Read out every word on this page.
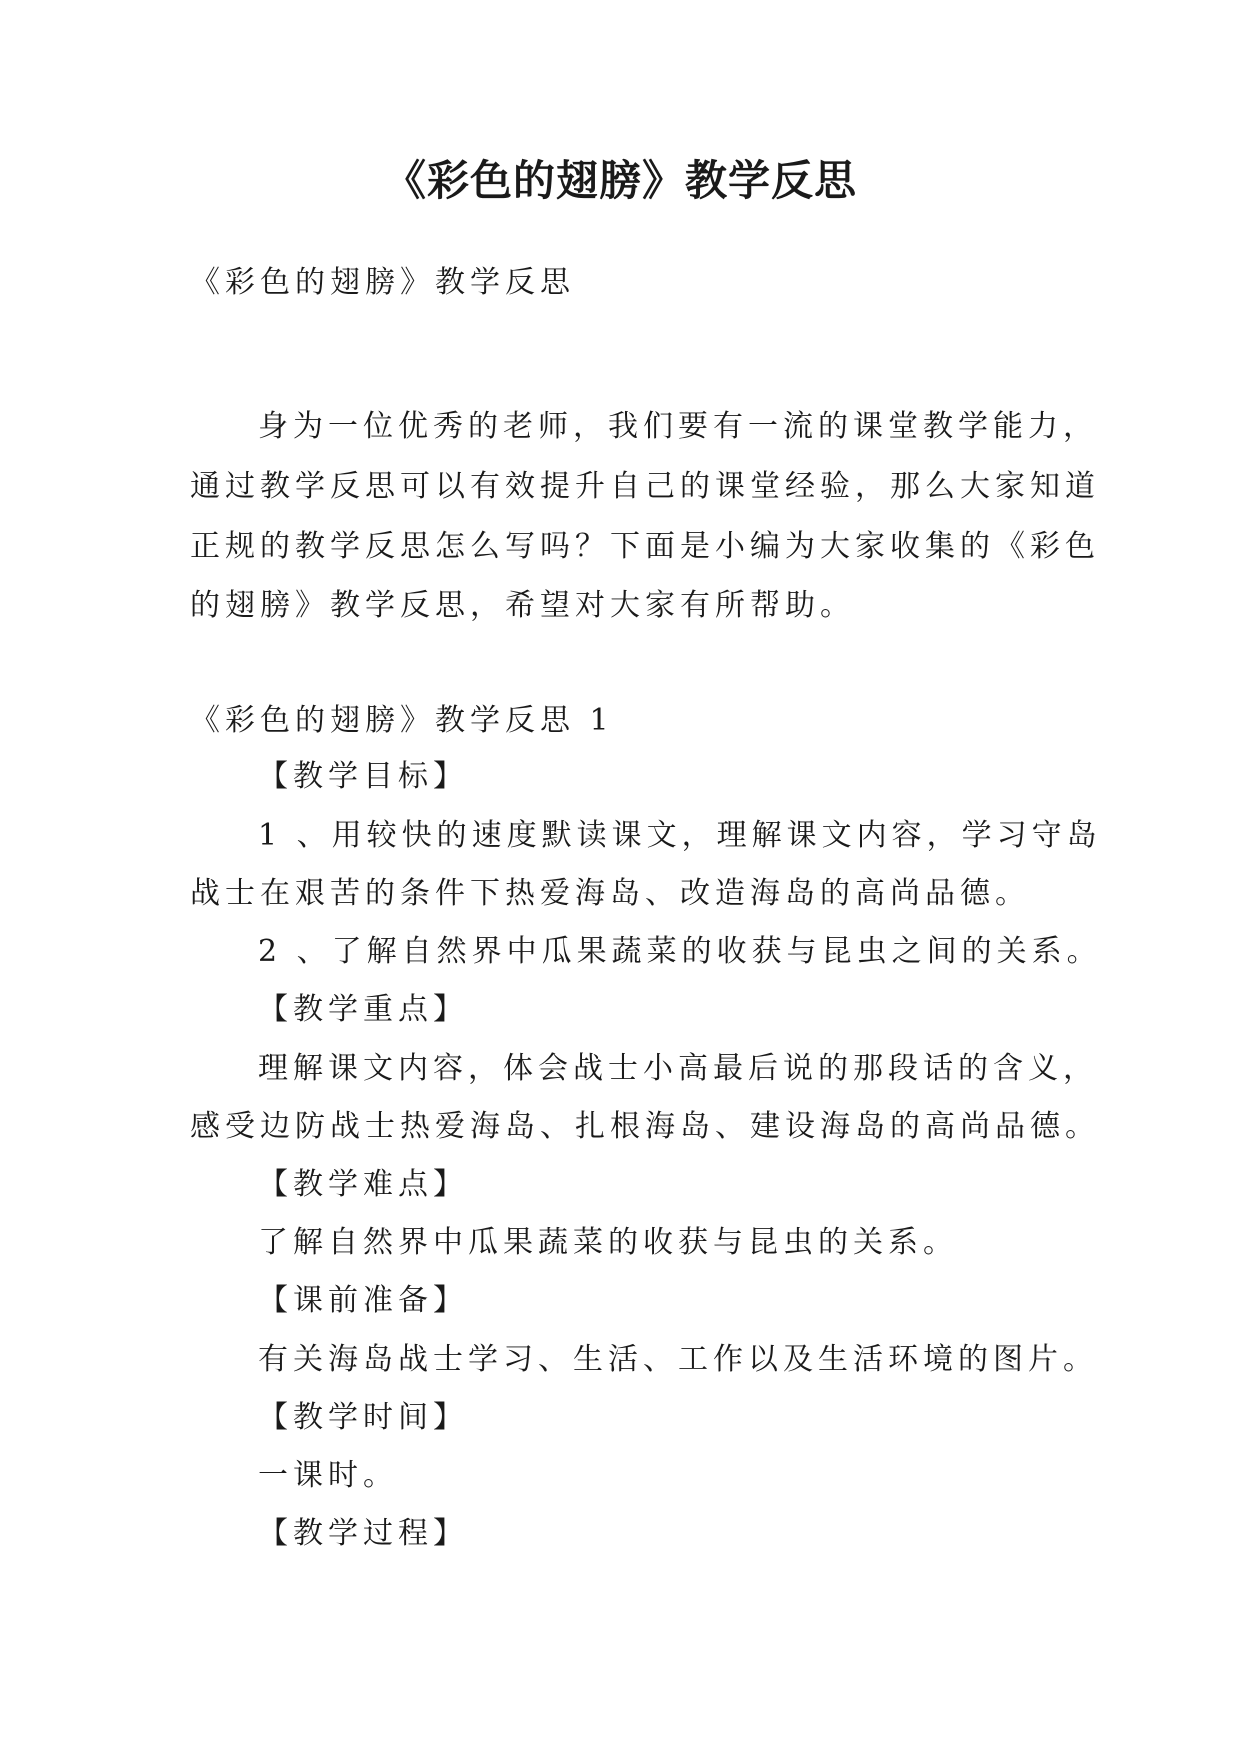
《彩色的翅膀》教学反思
《彩色的翅膀》教学反思
身为一位优秀的老师，我们要有一流的课堂教学能力，
通过教学反思可以有效提升自己的课堂经验，那么大家知道
正规的教学反思怎么写吗？下面是小编为大家收集的《彩色
的翅膀》教学反思，希望对大家有所帮助。
《彩色的翅膀》教学反思 1
【教学目标】
1 、用较快的速度默读课文，理解课文内容，学习守岛
战士在艰苦的条件下热爱海岛、改造海岛的高尚品德。
2 、了解自然界中瓜果蔬菜的收获与昆虫之间的关系。
【教学重点】
理解课文内容，体会战士小高最后说的那段话的含义，
感受边防战士热爱海岛、扎根海岛、建设海岛的高尚品德。
【教学难点】
了解自然界中瓜果蔬菜的收获与昆虫的关系。
【课前准备】
有关海岛战士学习、生活、工作以及生活环境的图片。
【教学时间】
一课时。
【教学过程】
